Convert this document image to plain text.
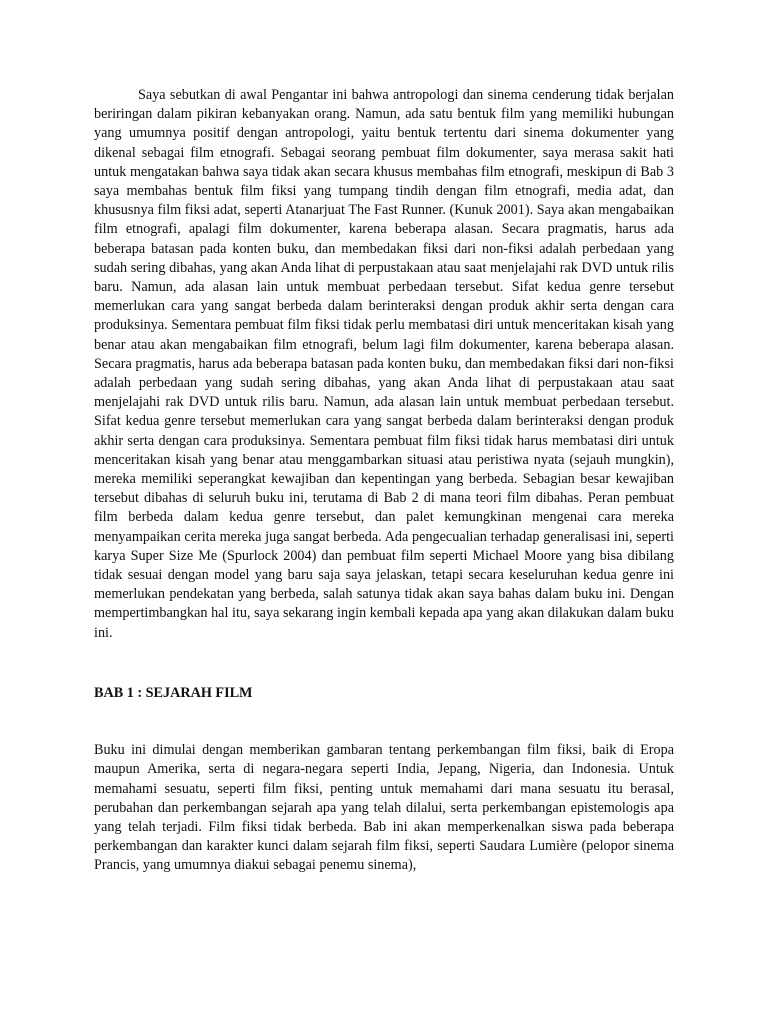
Saya sebutkan di awal Pengantar ini bahwa antropologi dan sinema cenderung tidak berjalan beriringan dalam pikiran kebanyakan orang. Namun, ada satu bentuk film yang memiliki hubungan yang umumnya positif dengan antropologi, yaitu bentuk tertentu dari sinema dokumenter yang dikenal sebagai film etnografi. Sebagai seorang pembuat film dokumenter, saya merasa sakit hati untuk mengatakan bahwa saya tidak akan secara khusus membahas film etnografi, meskipun di Bab 3 saya membahas bentuk film fiksi yang tumpang tindih dengan film etnografi, media adat, dan khususnya film fiksi adat, seperti Atanarjuat The Fast Runner. (Kunuk 2001). Saya akan mengabaikan film etnografi, apalagi film dokumenter, karena beberapa alasan. Secara pragmatis, harus ada beberapa batasan pada konten buku, dan membedakan fiksi dari non-fiksi adalah perbedaan yang sudah sering dibahas, yang akan Anda lihat di perpustakaan atau saat menjelajahi rak DVD untuk rilis baru. Namun, ada alasan lain untuk membuat perbedaan tersebut. Sifat kedua genre tersebut memerlukan cara yang sangat berbeda dalam berinteraksi dengan produk akhir serta dengan cara produksinya. Sementara pembuat film fiksi tidak perlu membatasi diri untuk menceritakan kisah yang benar atau akan mengabaikan film etnografi, belum lagi film dokumenter, karena beberapa alasan. Secara pragmatis, harus ada beberapa batasan pada konten buku, dan membedakan fiksi dari non-fiksi adalah perbedaan yang sudah sering dibahas, yang akan Anda lihat di perpustakaan atau saat menjelajahi rak DVD untuk rilis baru. Namun, ada alasan lain untuk membuat perbedaan tersebut. Sifat kedua genre tersebut memerlukan cara yang sangat berbeda dalam berinteraksi dengan produk akhir serta dengan cara produksinya. Sementara pembuat film fiksi tidak harus membatasi diri untuk menceritakan kisah yang benar atau menggambarkan situasi atau peristiwa nyata (sejauh mungkin), mereka memiliki seperangkat kewajiban dan kepentingan yang berbeda. Sebagian besar kewajiban tersebut dibahas di seluruh buku ini, terutama di Bab 2 di mana teori film dibahas. Peran pembuat film berbeda dalam kedua genre tersebut, dan palet kemungkinan mengenai cara mereka menyampaikan cerita mereka juga sangat berbeda. Ada pengecualian terhadap generalisasi ini, seperti karya Super Size Me (Spurlock 2004) dan pembuat film seperti Michael Moore yang bisa dibilang tidak sesuai dengan model yang baru saja saya jelaskan, tetapi secara keseluruhan kedua genre ini memerlukan pendekatan yang berbeda, salah satunya tidak akan saya bahas dalam buku ini. Dengan mempertimbangkan hal itu, saya sekarang ingin kembali kepada apa yang akan dilakukan dalam buku ini.

BAB 1 : SEJARAH FILM

Buku ini dimulai dengan memberikan gambaran tentang perkembangan film fiksi, baik di Eropa maupun Amerika, serta di negara-negara seperti India, Jepang, Nigeria, dan Indonesia. Untuk memahami sesuatu, seperti film fiksi, penting untuk memahami dari mana sesuatu itu berasal, perubahan dan perkembangan sejarah apa yang telah dilalui, serta perkembangan epistemologis apa yang telah terjadi. Film fiksi tidak berbeda. Bab ini akan memperkenalkan siswa pada beberapa perkembangan dan karakter kunci dalam sejarah film fiksi, seperti Saudara Lumière (pelopor sinema Prancis, yang umumnya diakui sebagai penemu sinema),
